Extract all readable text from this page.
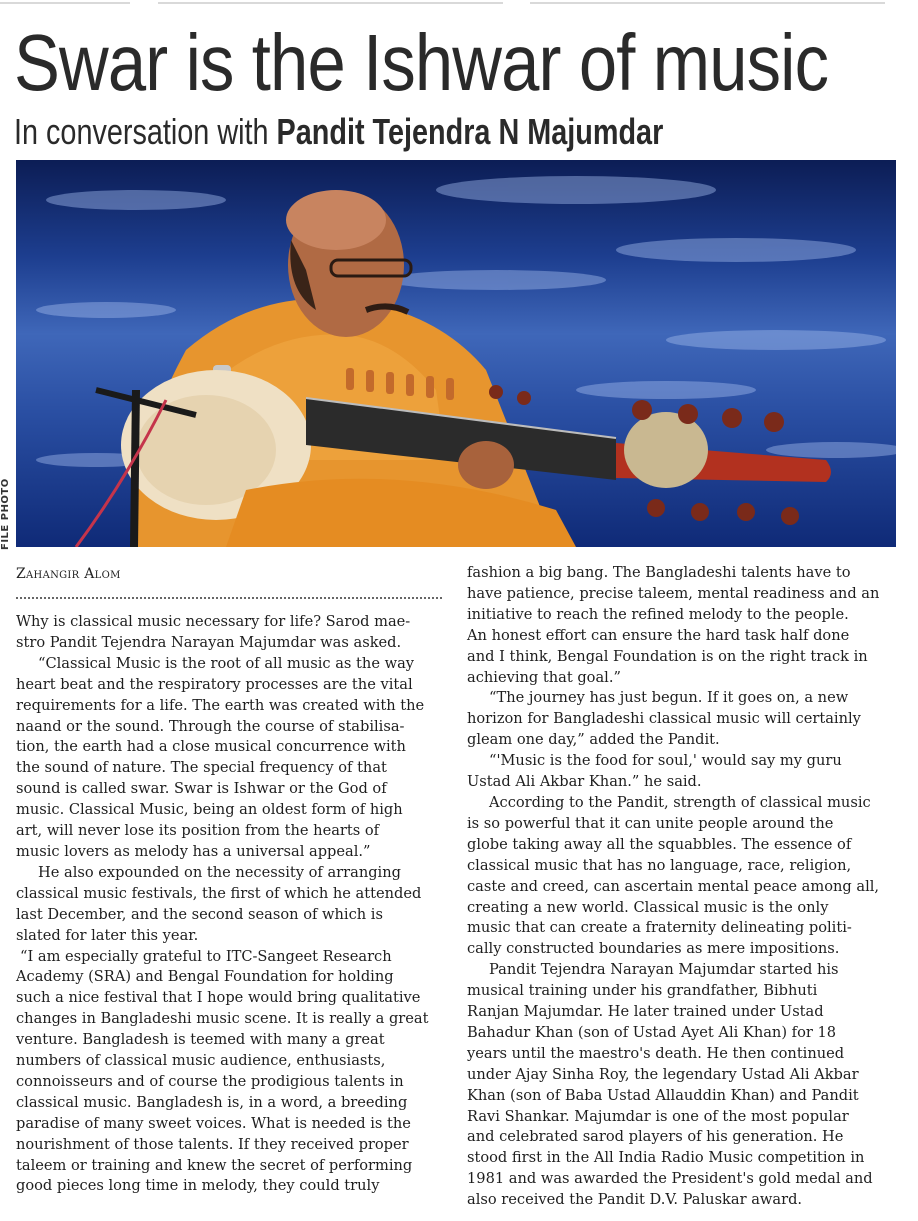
Swar is the Ishwar of music
In conversation with Pandit Tejendra N Majumdar
FILE PHOTO
Zahangir Alom

Why is classical music necessary for life? Sarod mae-

stro Pandit Tejendra Narayan Majumdar was asked.

“Classical Music is the root of all music as the way

heart beat and the respiratory processes are the vital

requirements for a life. The earth was created with the

naand or the sound. Through the course of stabilisa-

tion, the earth had a close musical concurrence with

the sound of nature. The special frequency of that

sound is called swar. Swar is Ishwar or the God of

music. Classical Music, being an oldest form of high

art, will never lose its position from the hearts of

music lovers as melody has a universal appeal.”

He also expounded on the necessity of arranging

classical music festivals, the first of which he attended

last December, and the second season of which is

slated for later this year.

“I am especially grateful to ITC-Sangeet Research

Academy (SRA) and Bengal Foundation for holding

such a nice festival that I hope would bring qualitative

changes in Bangladeshi music scene. It is really a great

venture. Bangladesh is teemed with many a great

numbers of classical music audience, enthusiasts,

connoisseurs and of course the prodigious talents in

classical music. Bangladesh is, in a word, a breeding

paradise of many sweet voices. What is needed is the

nourishment of those talents. If they received proper

taleem or training and knew the secret of performing

good pieces long time in melody, they could truly

fashion a big bang. The Bangladeshi talents have to

have patience, precise taleem, mental readiness and an

initiative to reach the refined melody to the people.

An honest effort can ensure the hard task half done

and I think, Bengal Foundation is on the right track in

achieving that goal.”

“The journey has just begun. If it goes on, a new

horizon for Bangladeshi classical music will certainly

gleam one day,” added the Pandit.

“'Music is the food for soul,' would say my guru

Ustad Ali Akbar Khan.” he said.

According to the Pandit, strength of classical music

is so powerful that it can unite people around the

globe taking away all the squabbles. The essence of

classical music that has no language, race, religion,

caste and creed, can ascertain mental peace among all,

creating a new world. Classical music is the only

music that can create a fraternity delineating politi-

cally constructed boundaries as mere impositions.

Pandit Tejendra Narayan Majumdar started his

musical training under his grandfather, Bibhuti

Ranjan Majumdar. He later trained under Ustad

Bahadur Khan (son of Ustad Ayet Ali Khan) for 18

years until the maestro's death. He then continued

under Ajay Sinha Roy, the legendary Ustad Ali Akbar

Khan (son of Baba Ustad Allauddin Khan) and Pandit

Ravi Shankar. Majumdar is one of the most popular

and celebrated sarod players of his generation. He

stood first in the All India Radio Music competition in

1981 and was awarded the President's gold medal and

also received the Pandit D.V. Paluskar award.
